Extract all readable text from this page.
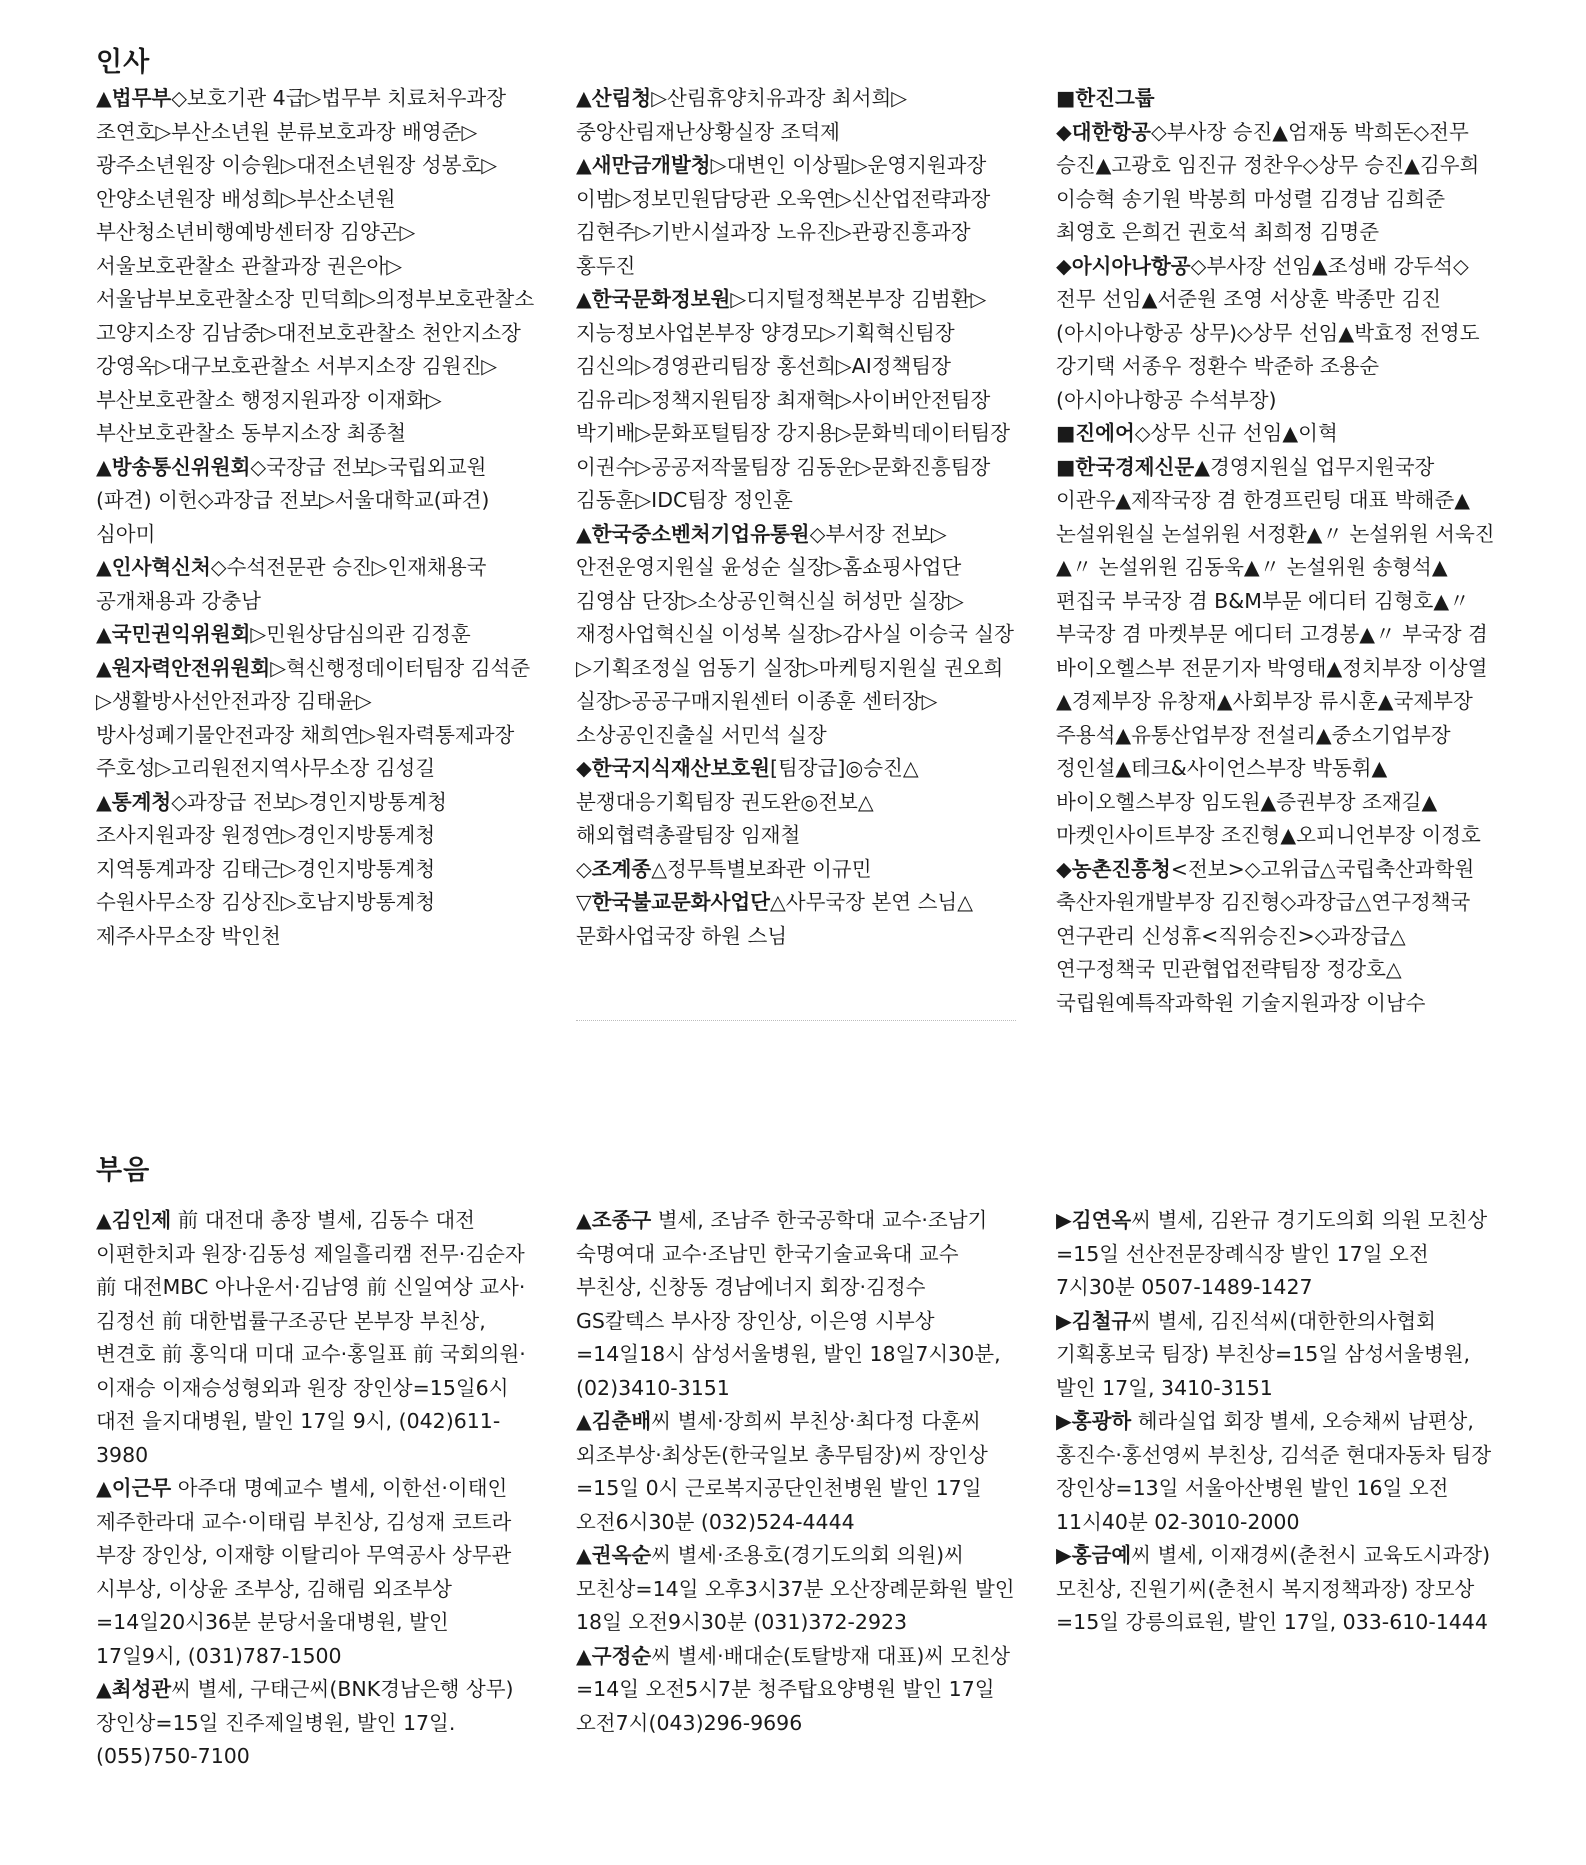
인사
▲법무부◇보호기관 4급▷법무부 치료처우과장 조연호▷부산소년원 분류보호과장 배영준▷광주소년원장 이승원▷대전소년원장 성봉호▷안양소년원장 배성희▷부산소년원 부산청소년비행예방센터장 김양곤▷서울보호관찰소 관찰과장 권은아▷서울남부보호관찰소장 민덕희▷의정부보호관찰소 고양지소장 김남중▷대전보호관찰소 천안지소장 강영옥▷대구보호관찰소 서부지소장 김원진▷부산보호관찰소 행정지원과장 이재화▷부산보호관찰소 동부지소장 최종철
▲방송통신위원회◇국장급 전보▷국립외교원(파견) 이헌◇과장급 전보▷서울대학교(파견) 심아미
▲인사혁신처◇수석전문관 승진▷인재채용국 공개채용과 강충남
▲국민권익위원회▷민원상담심의관 김정훈
▲원자력안전위원회▷혁신행정데이터팀장 김석준▷생활방사선안전과장 김태윤▷방사성폐기물안전과장 채희연▷원자력통제과장 주호성▷고리원전지역사무소장 김성길
▲통계청◇과장급 전보▷경인지방통계청 조사지원과장 원정연▷경인지방통계청 지역통계과장 김태근▷경인지방통계청 수원사무소장 김상진▷호남지방통계청 제주사무소장 박인천
▲산림청▷산림휴양치유과장 최서희▷중앙산림재난상황실장 조덕제
▲새만금개발청▷대변인 이상필▷운영지원과장 이범▷정보민원담당관 오욱연▷신산업전략과장 김현주▷기반시설과장 노유진▷관광진흥과장 홍두진
▲한국문화정보원▷디지털정책본부장 김범환▷지능정보사업본부장 양경모▷기획혁신팀장 김신의▷경영관리팀장 홍선희▷AI정책팀장 김유리▷정책지원팀장 최재혁▷사이버안전팀장 박기배▷문화포털팀장 강지용▷문화빅데이터팀장 이권수▷공공저작물팀장 김동운▷문화진흥팀장 김동훈▷IDC팀장 정인훈
▲한국중소벤처기업유통원◇부서장 전보▷안전운영지원실 윤성순 실장▷홈쇼핑사업단 김영삼 단장▷소상공인혁신실 허성만 실장▷재정사업혁신실 이성복 실장▷감사실 이승국 실장▷기획조정실 엄동기 실장▷마케팅지원실 권오희 실장▷공공구매지원센터 이종훈 센터장▷소상공인진출실 서민석 실장
◆한국지식재산보호원[팀장급]◎승진△분쟁대응기획팀장 권도완◎전보△해외협력총괄팀장 임재철
◇조계종△정무특별보좌관 이규민
▽한국불교문화사업단△사무국장 본연 스님△문화사업국장 하원 스님
■한진그룹
◆대한항공◇부사장 승진▲엄재동 박희돈◇전무 승진▲고광호 임진규 정찬우◇상무 승진▲김우희 이승혁 송기원 박봉희 마성렬 김경남 김희준 최영호 은희건 권호석 최희정 김명준
◆아시아나항공◇부사장 선임▲조성배 강두석◇전무 선임▲서준원 조영 서상훈 박종만 김진(아시아나항공 상무)◇상무 선임▲박효정 전영도 강기택 서종우 정환수 박준하 조용순(아시아나항공 수석부장)
■진에어◇상무 신규 선임▲이혁
■한국경제신문▲경영지원실 업무지원국장 이관우▲제작국장 겸 한경프린팅 대표 박해준▲논설위원실 논설위원 서정환▲〃 논설위원 서욱진▲〃 논설위원 김동욱▲〃 논설위원 송형석▲편집국 부국장 겸 B&M부문 에디터 김형호▲〃 부국장 겸 마켓부문 에디터 고경봉▲〃 부국장 겸 바이오헬스부 전문기자 박영태▲정치부장 이상열▲경제부장 유창재▲사회부장 류시훈▲국제부장 주용석▲유통산업부장 전설리▲중소기업부장 정인설▲테크&사이언스부장 박동휘▲바이오헬스부장 임도원▲증권부장 조재길▲마켓인사이트부장 조진형▲오피니언부장 이정호
◆농촌진흥청<전보>◇고위급△국립축산과학원 축산자원개발부장 김진형◇과장급△연구정책국 연구관리 신성휴<직위승진>◇과장급△연구정책국 민관협업전략팀장 정강호△국립원예특작과학원 기술지원과장 이남수
부음
▲김인제 前 대전대 총장 별세, 김동수 대전 이편한치과 원장·김동성 제일흘리캠 전무·김순자 前 대전MBC 아나운서·김남영 前 신일여상 교사·김정선 前 대한법률구조공단 본부장 부친상, 변견호 前 홍익대 미대 교수·홍일표 前 국회의원·이재승 이재승성형외과 원장 장인상=15일6시 대전 을지대병원, 발인 17일 9시, (042)611-3980
▲이근무 아주대 명예교수 별세, 이한선·이태인 제주한라대 교수·이태림 부친상, 김성재 코트라 부장 장인상, 이재향 이탈리아 무역공사 상무관 시부상, 이상윤 조부상, 김해림 외조부상=14일20시36분 분당서울대병원, 발인 17일9시, (031)787-1500
▲최성관씨 별세, 구태근씨(BNK경남은행 상무) 장인상=15일 진주제일병원, 발인 17일. (055)750-7100
▲조종구 별세, 조남주 한국공학대 교수·조남기 숙명여대 교수·조남민 한국기술교육대 교수 부친상, 신창동 경남에너지 회장·김정수 GS칼텍스 부사장 장인상, 이은영 시부상=14일18시 삼성서울병원, 발인 18일7시30분, (02)3410-3151
▲김춘배씨 별세·장희씨 부친상·최다정 다훈씨 외조부상·최상돈(한국일보 총무팀장)씨 장인상=15일 0시 근로복지공단인천병원 발인 17일 오전6시30분 (032)524-4444
▲권옥순씨 별세·조용호(경기도의회 의원)씨 모친상=14일 오후3시37분 오산장례문화원 발인 18일 오전9시30분 (031)372-2923
▲구정순씨 별세·배대순(토탈방재 대표)씨 모친상=14일 오전5시7분 청주탑요양병원 발인 17일 오전7시(043)296-9696
▶김연옥씨 별세, 김완규 경기도의회 의원 모친상=15일 선산전문장례식장 발인 17일 오전 7시30분 0507-1489-1427
▶김철규씨 별세, 김진석씨(대한한의사협회 기획홍보국 팀장) 부친상=15일 삼성서울병원, 발인 17일, 3410-3151
▶홍광하 헤라실업 회장 별세, 오승채씨 남편상, 홍진수·홍선영씨 부친상, 김석준 현대자동차 팀장 장인상=13일 서울아산병원 발인 16일 오전 11시40분 02-3010-2000
▶홍금예씨 별세, 이재경씨(춘천시 교육도시과장) 모친상, 진원기씨(춘천시 복지정책과장) 장모상=15일 강릉의료원, 발인 17일, 033-610-1444
